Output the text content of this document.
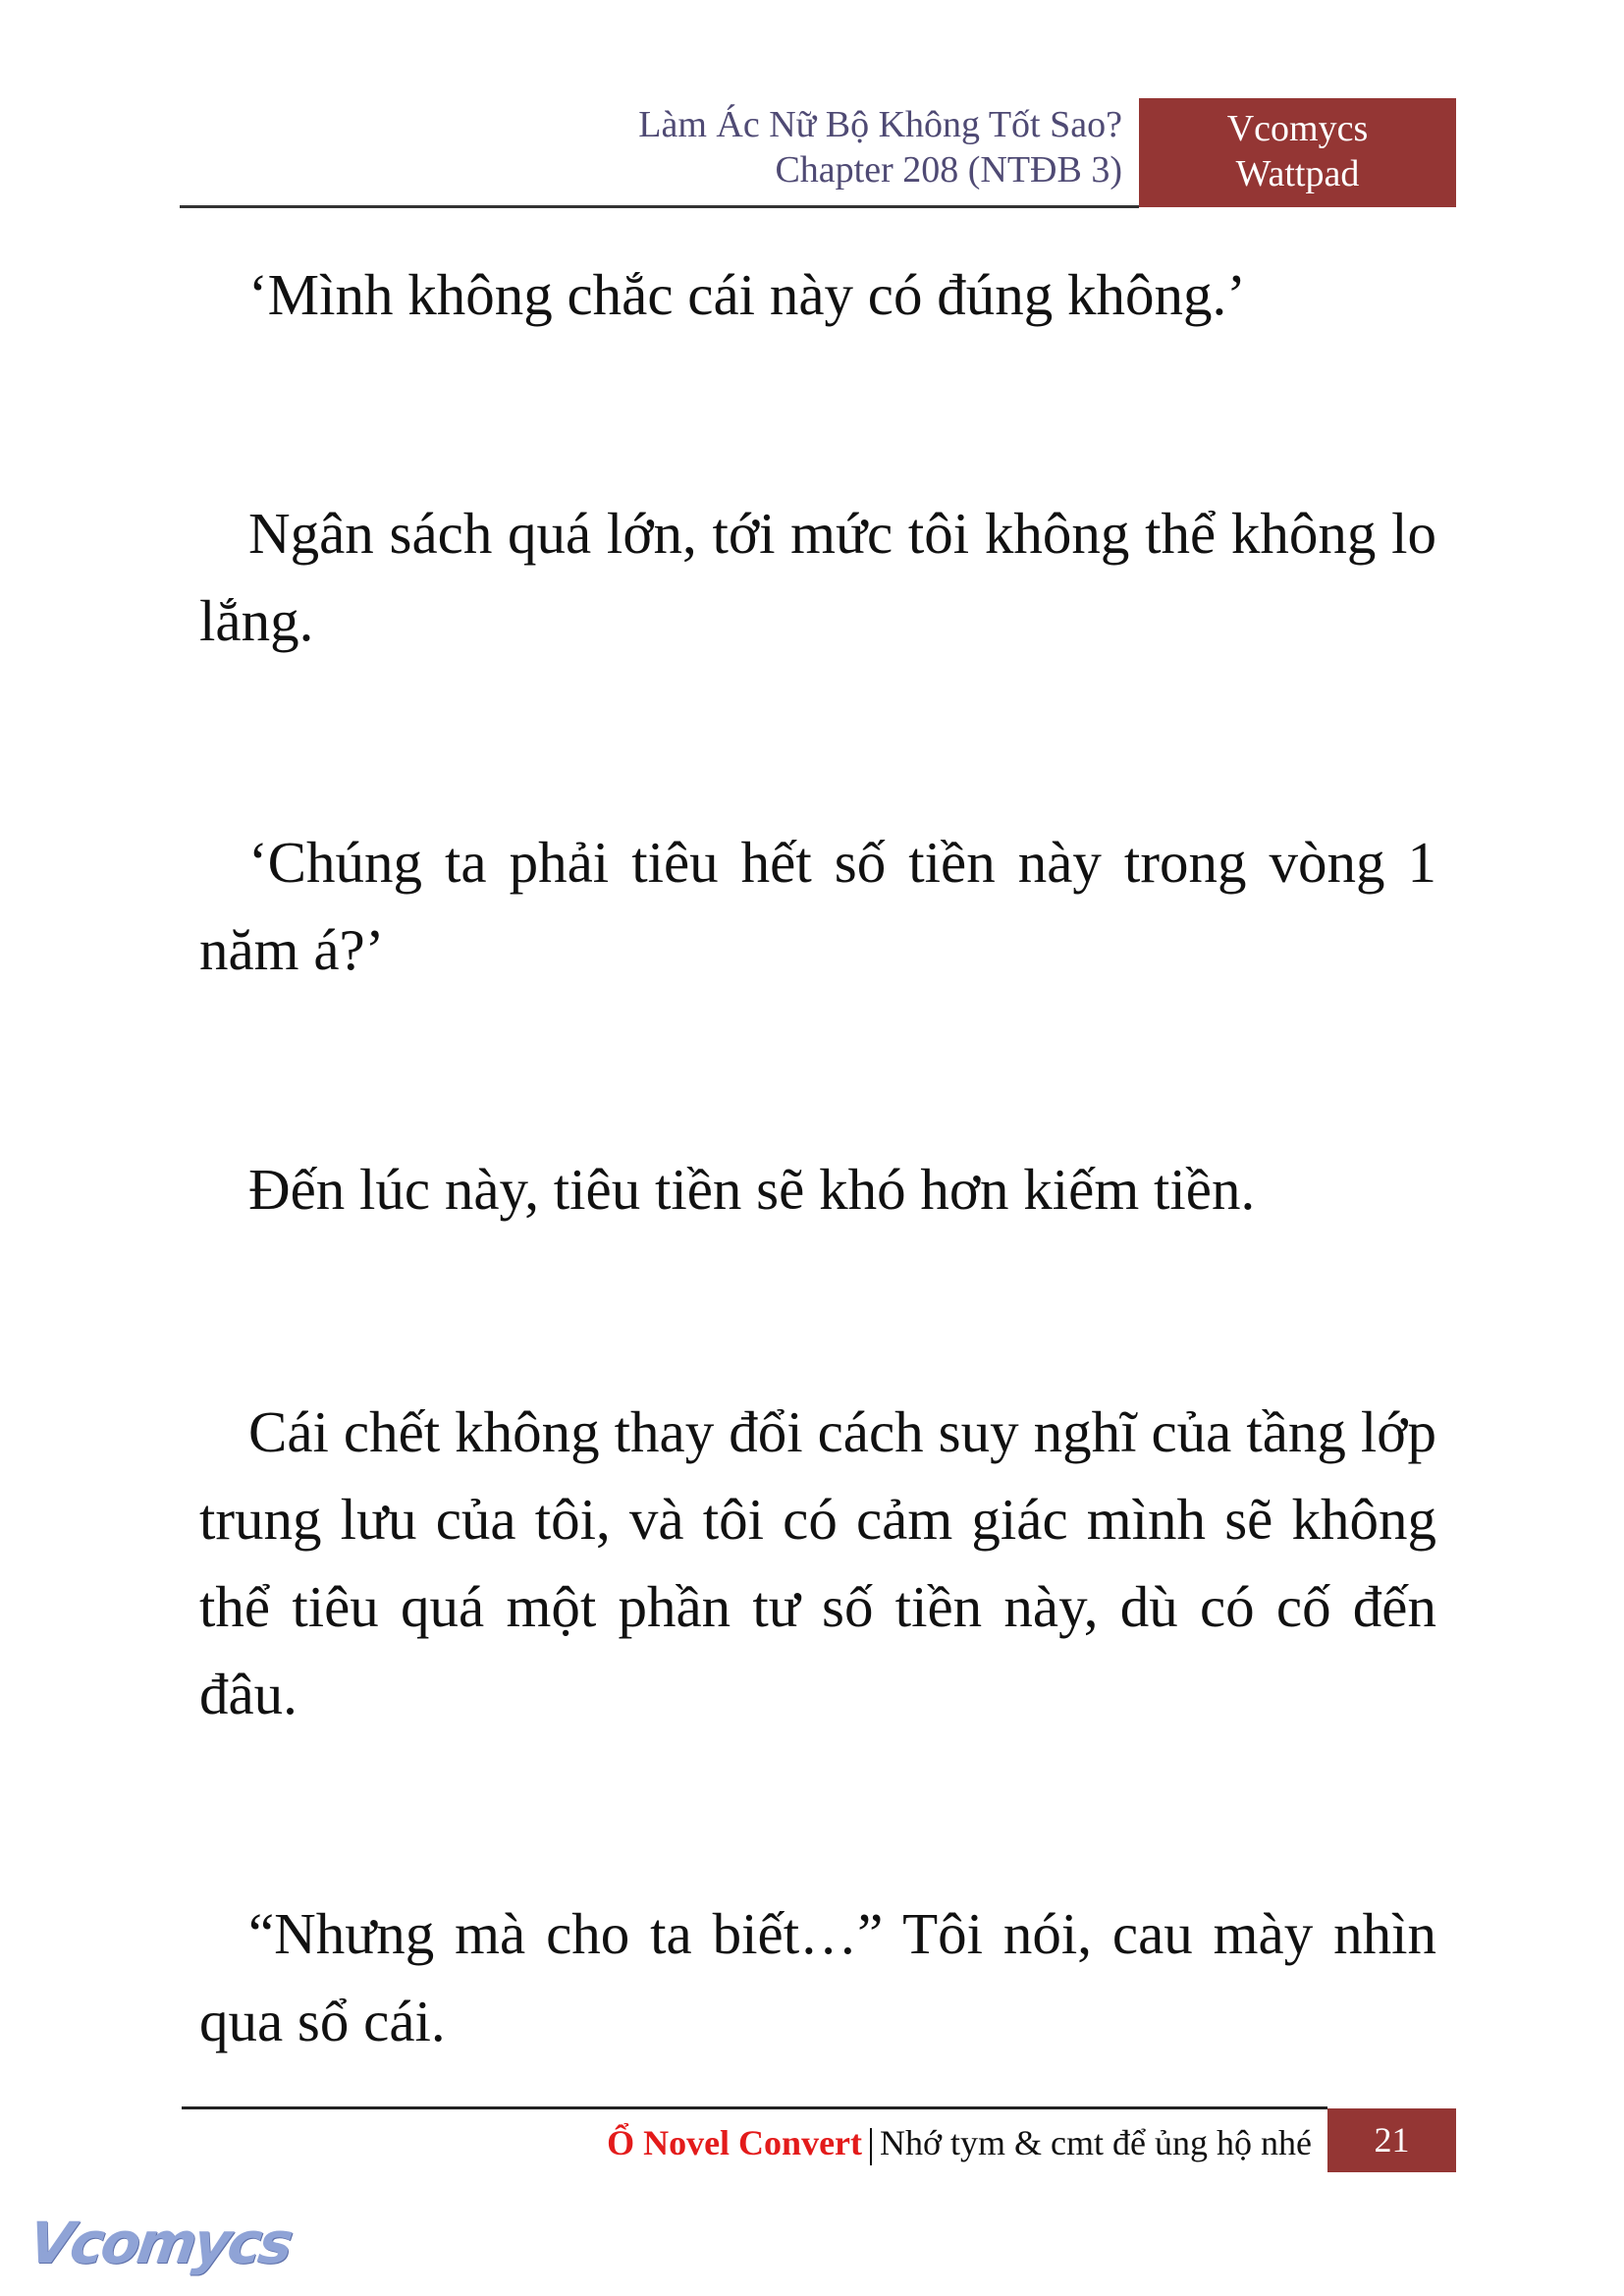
Làm Ác Nữ Bộ Không Tốt Sao?
Chapter 208 (NTĐB 3)
Vcomycs
Wattpad

‘Mình không chắc cái này có đúng không.’

Ngân sách quá lớn, tới mức tôi không thể không lo lắng.

‘Chúng ta phải tiêu hết số tiền này trong vòng 1 năm á?’

Đến lúc này, tiêu tiền sẽ khó hơn kiếm tiền.

Cái chết không thay đổi cách suy nghĩ của tầng lớp trung lưu của tôi, và tôi có cảm giác mình sẽ không thể tiêu quá một phần tư số tiền này, dù có cố đến đâu.

“Nhưng mà cho ta biết…” Tôi nói, cau mày nhìn qua sổ cái.

Ổ Novel Convert Nhớ tym & cmt để ủng hộ nhé	21
Vcomycs
